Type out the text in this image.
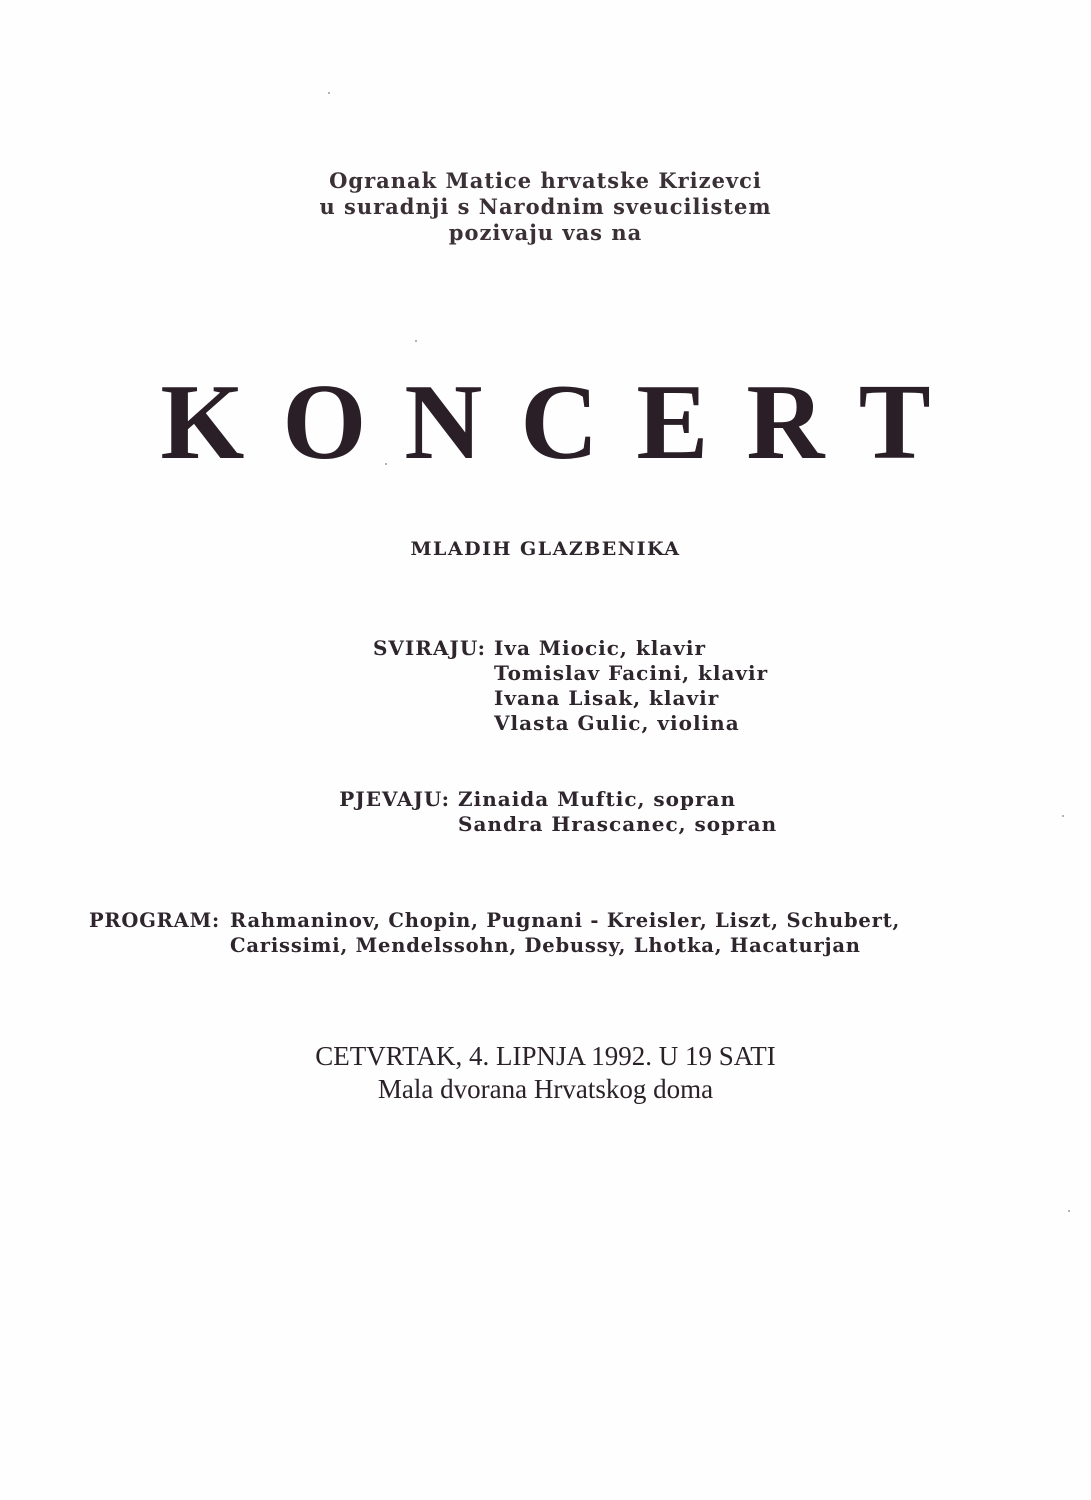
Ogranak Matice hrvatske Krizevci
u suradnji s Narodnim sveucilistem
pozivaju vas na
KONCERT
MLADIH GLAZBENIKA
SVIRAJU: Iva Miocic, klavir
Tomislav Facini, klavir
Ivana Lisak, klavir
Vlasta Gulic, violina
PJEVAJU: Zinaida Muftic, sopran
Sandra Hrascanec, sopran
PROGRAM: Rahmaninov, Chopin, Pugnani - Kreisler, Liszt, Schubert,
Carissimi, Mendelssohn, Debussy, Lhotka, Hacaturjan
CETVRTAK, 4. LIPNJA 1992. U 19 SATI
Mala dvorana Hrvatskog doma
